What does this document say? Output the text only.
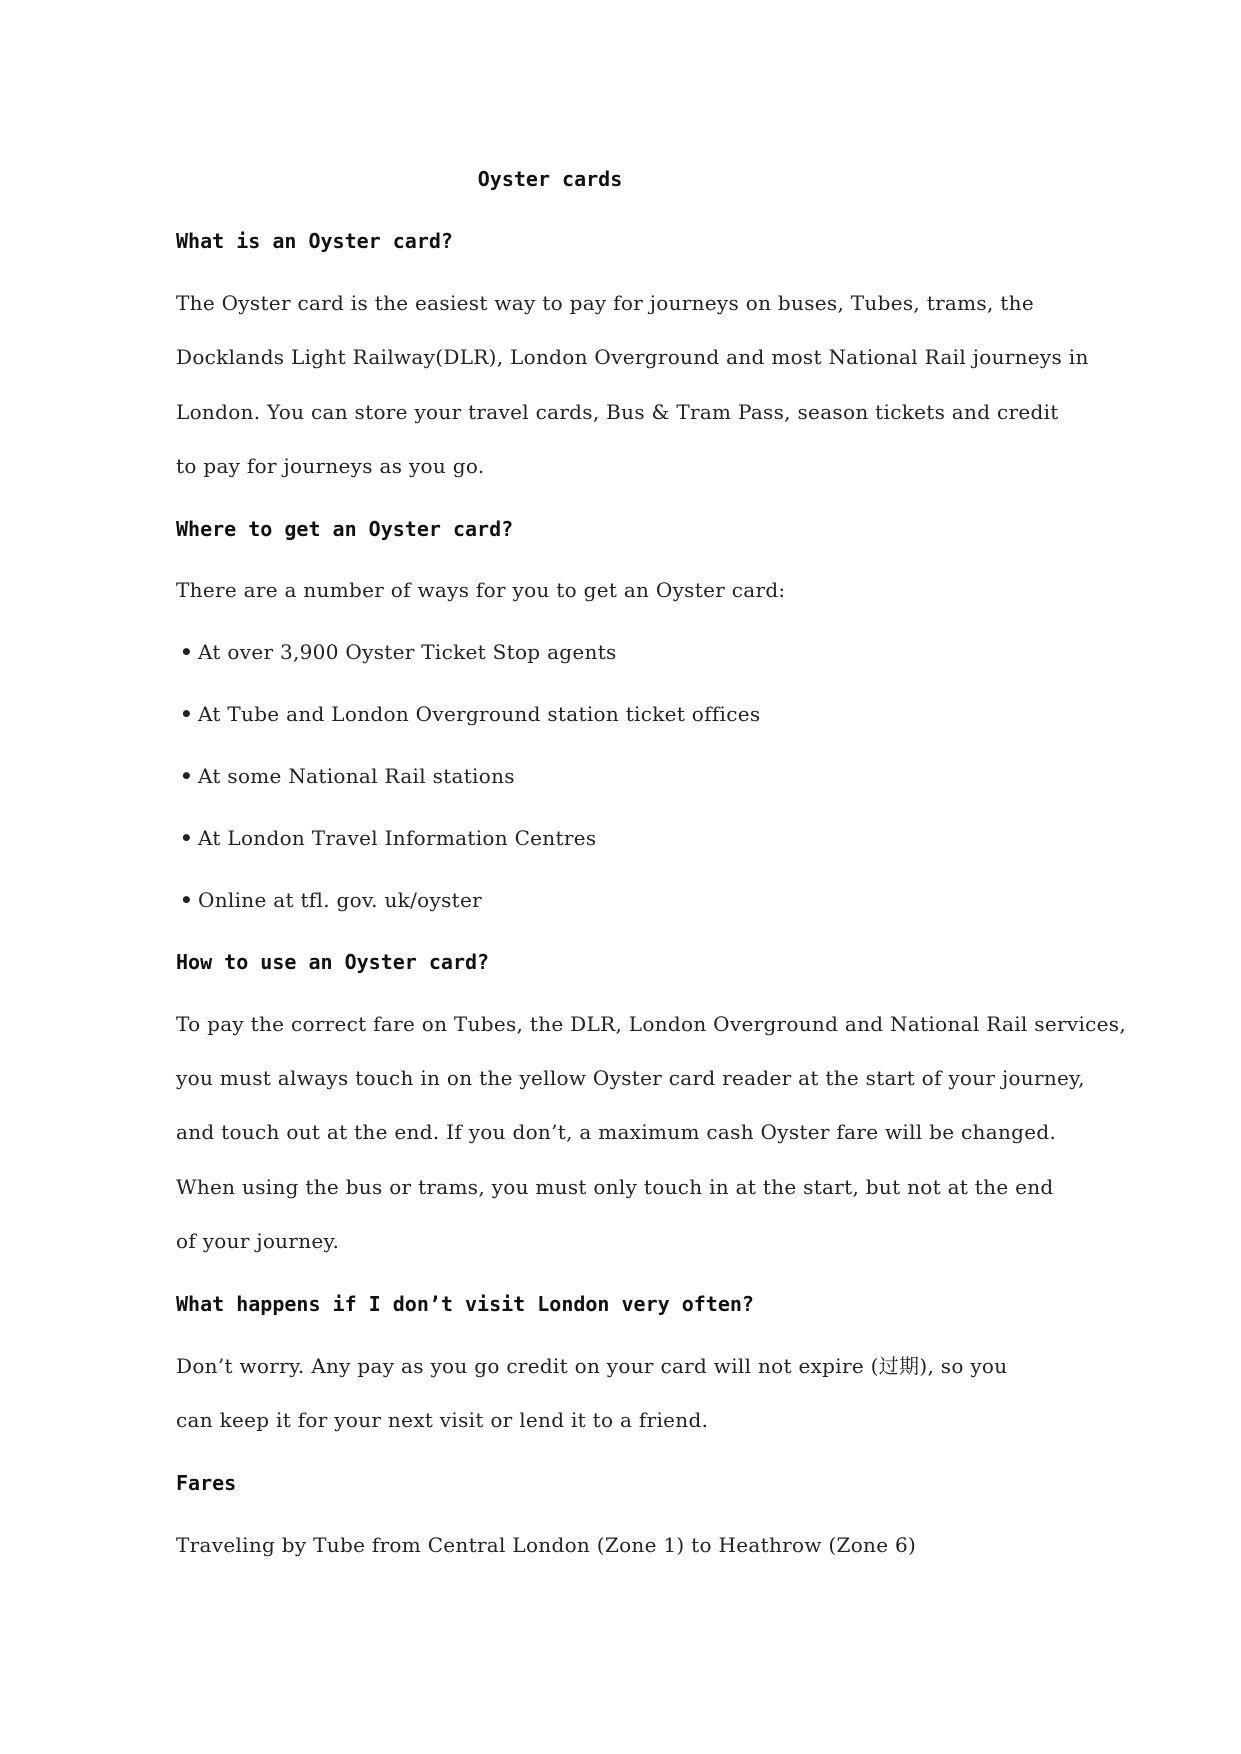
Oyster cards
What is an Oyster card?
The Oyster card is the easiest way to pay for journeys on buses, Tubes, trams, the
Docklands Light Railway(DLR), London Overground and most National Rail journeys in
London. You can store your travel cards, Bus & Tram Pass, season tickets and credit
to pay for journeys as you go.
Where to get an Oyster card?
There are a number of ways for you to get an Oyster card:
• At over 3,900 Oyster Ticket Stop agents
• At Tube and London Overground station ticket offices
• At some National Rail stations
• At London Travel Information Centres
• Online at tfl. gov. uk/oyster
How to use an Oyster card?
To pay the correct fare on Tubes, the DLR, London Overground and National Rail services,
you must always touch in on the yellow Oyster card reader at the start of your journey,
and touch out at the end. If you don’t, a maximum cash Oyster fare will be changed.
When using the bus or trams, you must only touch in at the start, but not at the end
of your journey.
What happens if I don’t visit London very often?
Don’t worry. Any pay as you go credit on your card will not expire (过期), so you
can keep it for your next visit or lend it to a friend.
Fares
Traveling by Tube from Central London (Zone 1) to Heathrow (Zone 6)
